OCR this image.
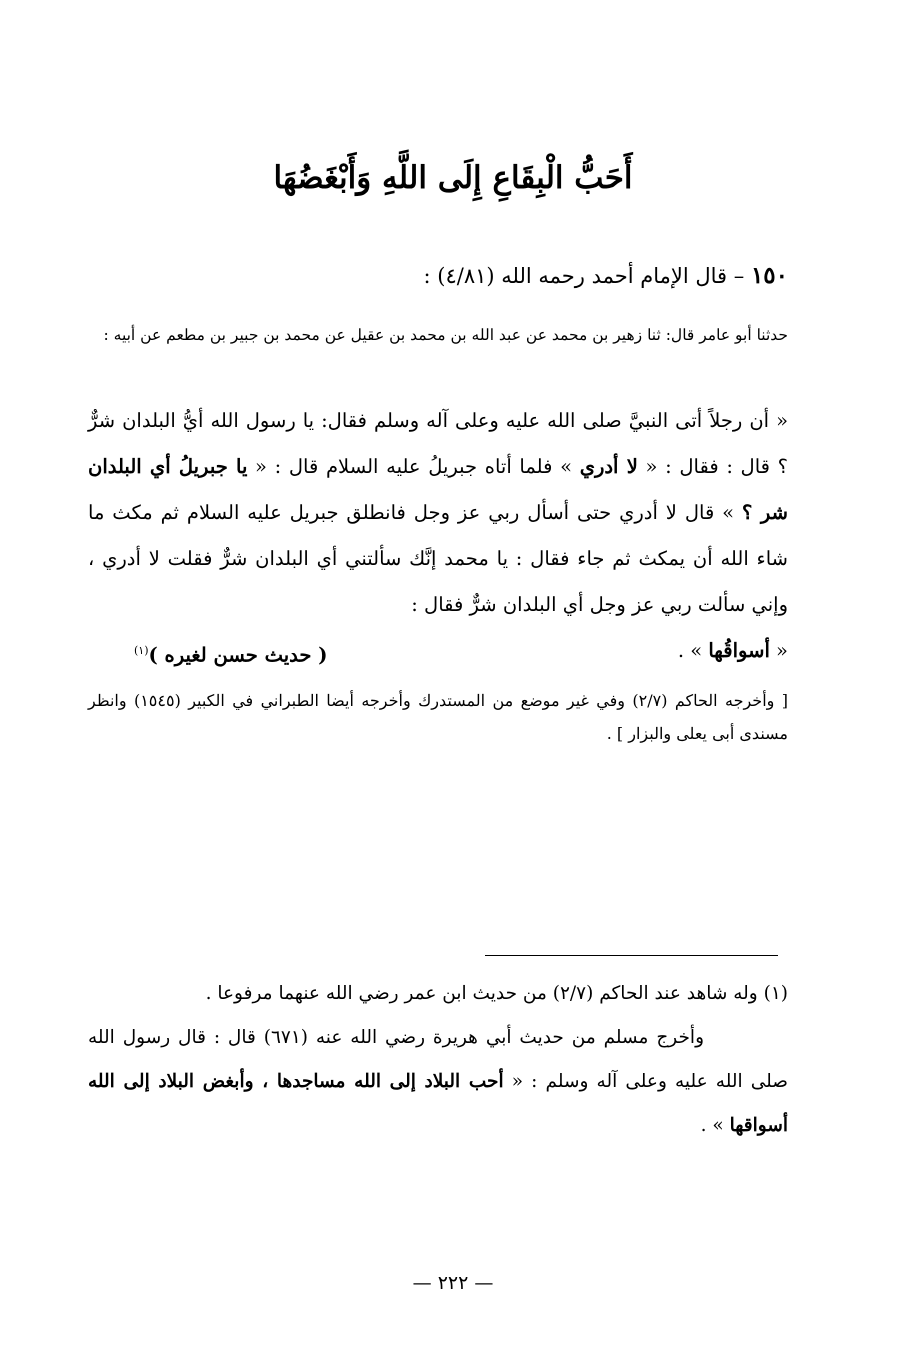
أَحَبُّ الْبِقَاعِ إِلَى اللَّهِ وَأَبْغَضُهَا
١٥٠ – قال الإمام أحمد رحمه الله (٤/٨١) :
حدثنا أبو عامر قال: ثنا زهير بن محمد عن عبد الله بن محمد بن عقيل عن محمد بن جبير بن مطعم عن أبيه :
« أن رجلاً أتى النبيَّ صلى الله عليه وعلى آله وسلم فقال: يا رسول الله أيُّ البلدان شرٌّ ؟ قال : فقال : « لا أدري » فلما أتاه جبريلُ عليه السلام قال : « يا جبريلُ أي البلدان شر ؟ » قال لا أدري حتى أسأل ربي عز وجل فانطلق جبريل عليه السلام ثم مكث ما شاء الله أن يمكث ثم جاء فقال : يا محمد إنَّك سألتني أي البلدان شرٌّ فقلت لا أدري ، وإني سألت ربي عز وجل أي البلدان شرٌّ فقال :
« أسواقُها » .
( حديث حسن لغيره )$^{(١)}$
[ وأخرجه الحاكم (٢/٧) وفي غير موضع من المستدرك وأخرجه أيضا الطبراني في الكبير (١٥٤٥) وانظر مسندى أبى يعلى والبزار ] .
(١) وله شاهد عند الحاكم (٢/٧) من حديث ابن عمر رضي الله عنهما مرفوعا .
وأخرج مسلم من حديث أبي هريرة رضي الله عنه (٦٧١) قال : قال رسول الله صلى الله عليه وعلى آله وسلم : « أحب البلاد إلى الله مساجدها ، وأبغض البلاد إلى الله أسواقها » .
— ٢٢٢ —
